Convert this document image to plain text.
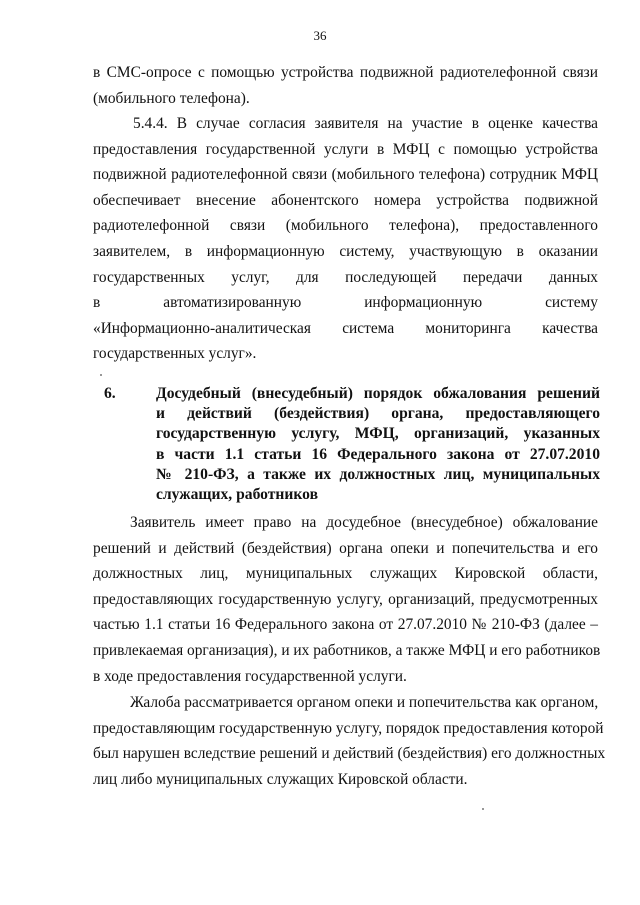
36
в СМС-опросе с помощью устройства подвижной радиотелефонной связи
(мобильного телефона).
5.4.4. В случае согласия заявителя на участие в оценке качества
предоставления государственной услуги в МФЦ с помощью устройства
подвижной радиотелефонной связи (мобильного телефона) сотрудник МФЦ
обеспечивает внесение абонентского номера устройства подвижной
радиотелефонной связи (мобильного телефона), предоставленного
заявителем, в информационную систему, участвующую в оказании
государственных услуг, для последующей передачи данных
в автоматизированную информационную систему
«Информационно-аналитическая система мониторинга качества
государственных услуг».
6.	Досудебный (внесудебный) порядок обжалования решений
и действий (бездействия) органа, предоставляющего
государственную услугу, МФЦ, организаций, указанных
в части 1.1 статьи 16 Федерального закона от 27.07.2010
№ 210-ФЗ, а также их должностных лиц, муниципальных
служащих, работников
Заявитель имеет право на досудебное (внесудебное) обжалование
решений и действий (бездействия) органа опеки и попечительства и его
должностных лиц, муниципальных служащих Кировской области,
предоставляющих государственную услугу, организаций, предусмотренных
частью 1.1 статьи 16 Федерального закона от 27.07.2010 № 210-ФЗ (далее –
привлекаемая организация), и их работников, а также МФЦ и его работников
в ходе предоставления государственной услуги.
Жалоба рассматривается органом опеки и попечительства как органом,
предоставляющим государственную услугу, порядок предоставления которой
был нарушен вследствие решений и действий (бездействия) его должностных
лиц либо муниципальных служащих Кировской области.
